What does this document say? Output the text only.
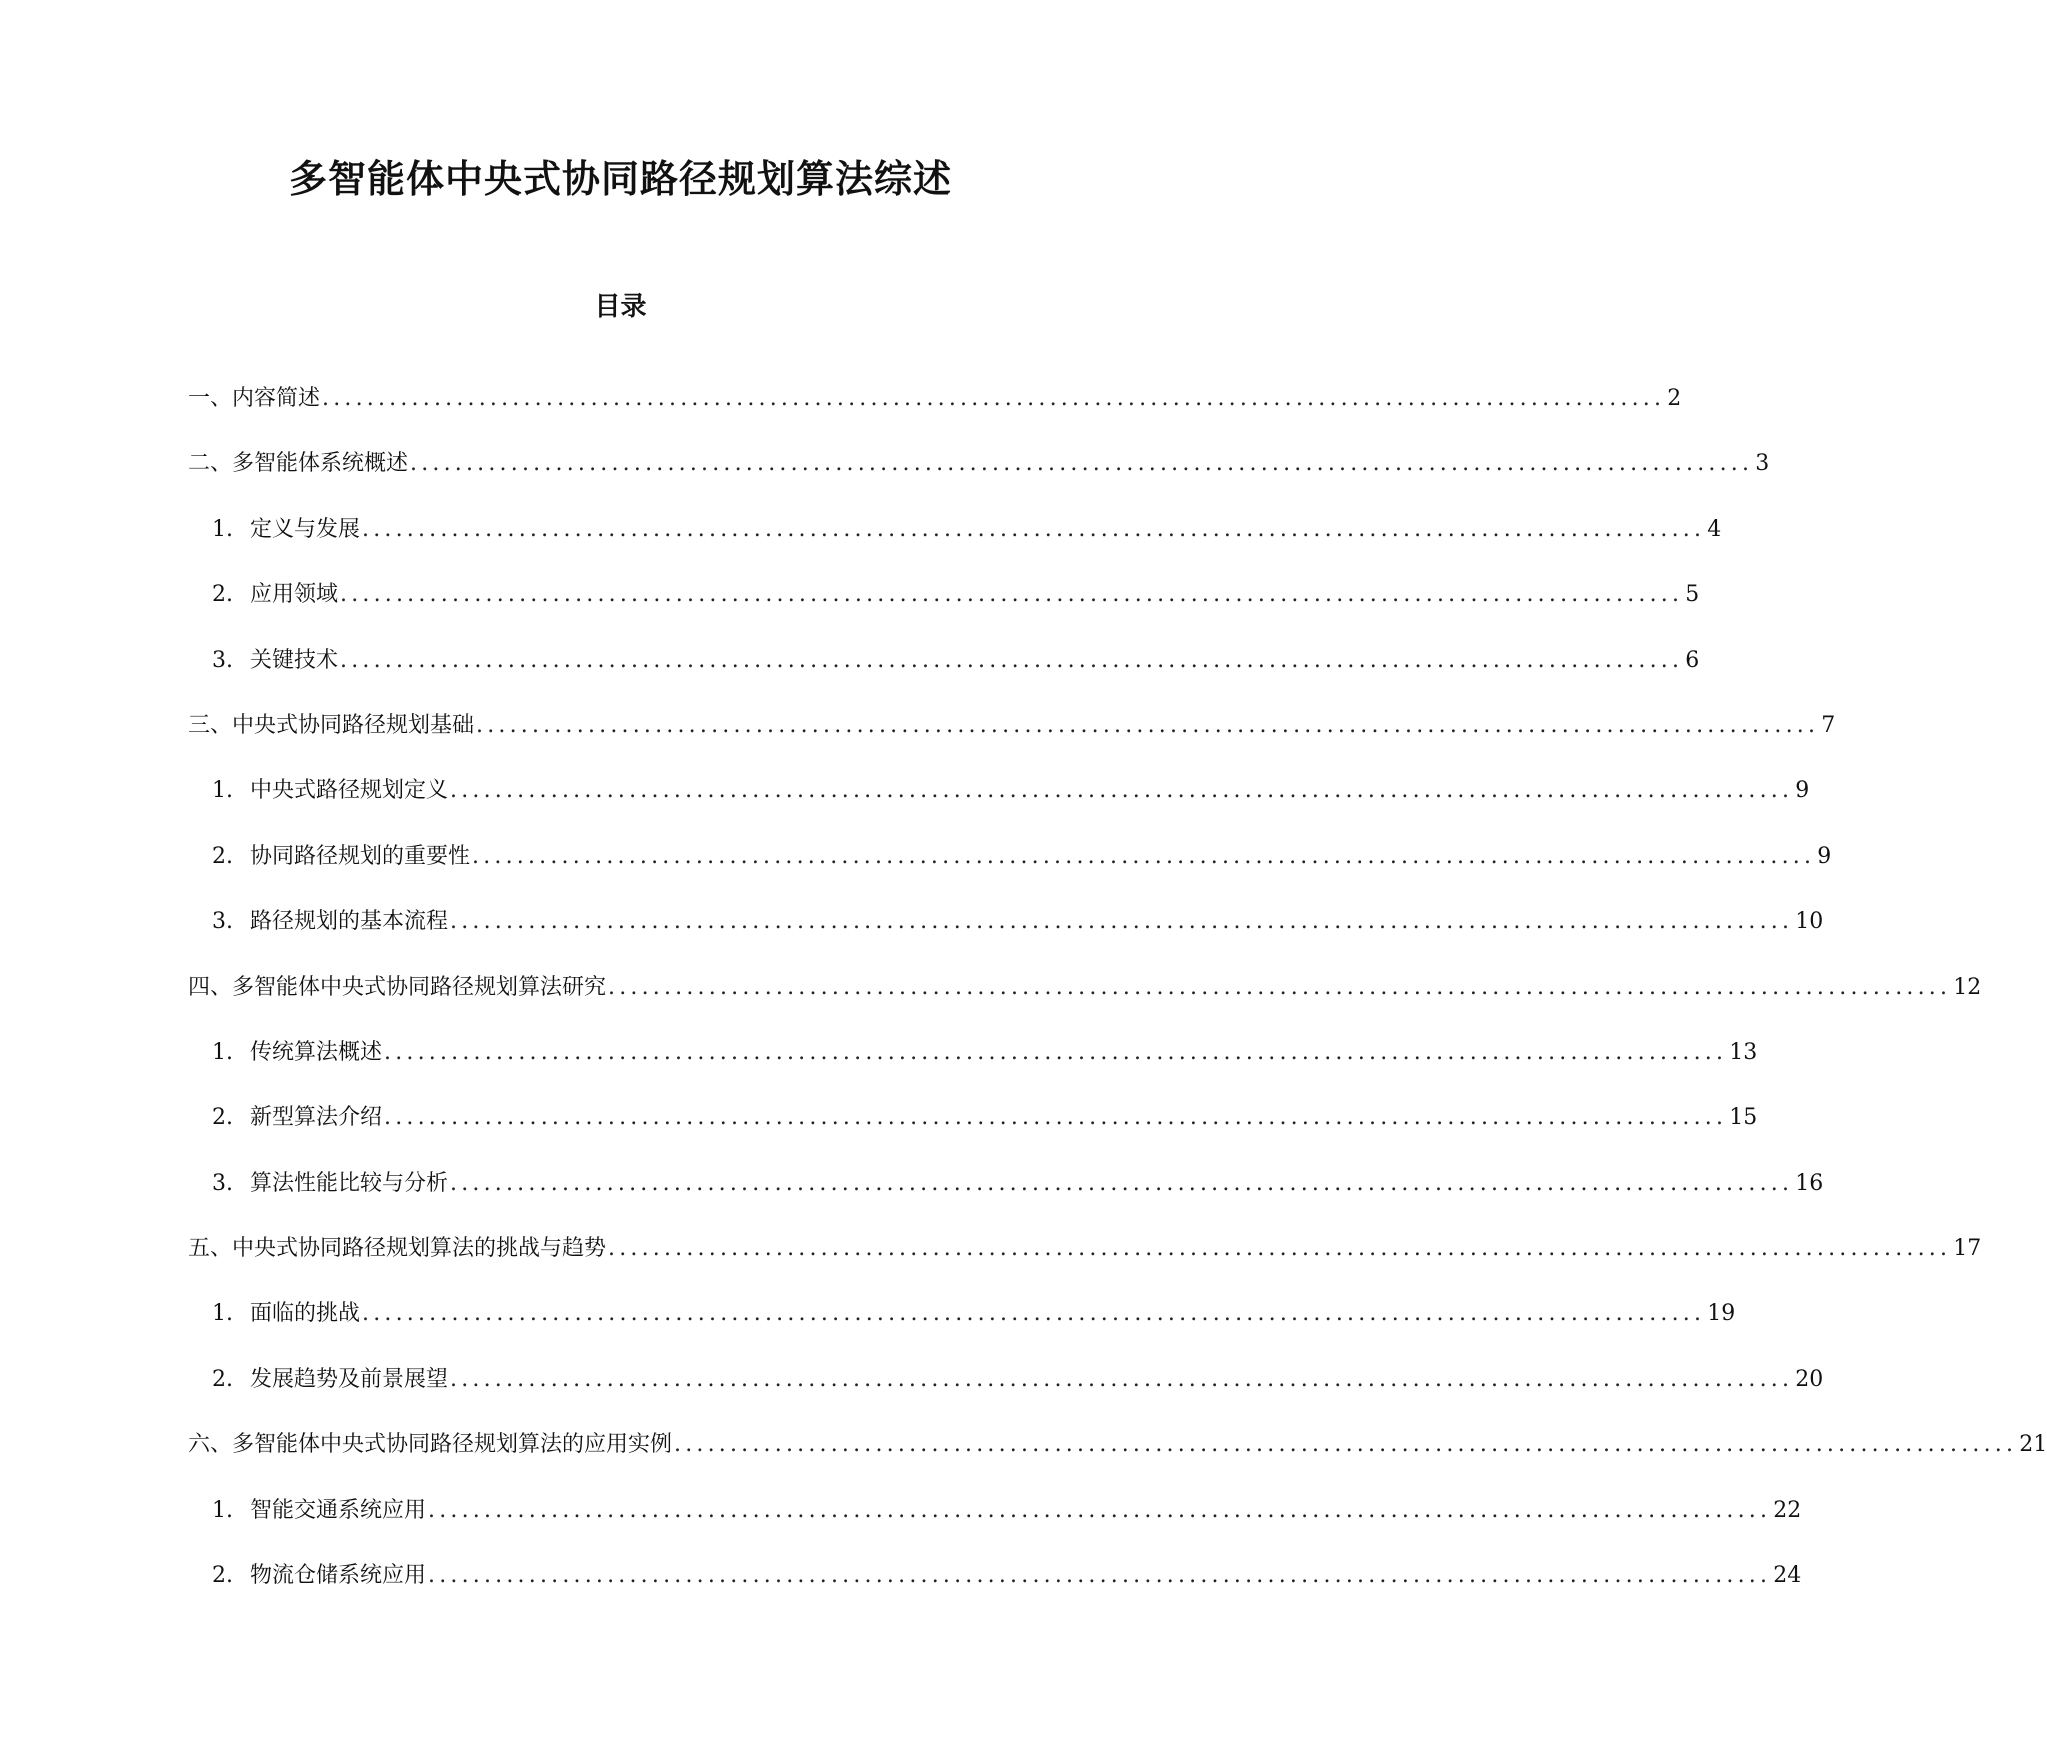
多智能体中央式协同路径规划算法综述
目录
一、内容简述 ........................................................................................................................ 2
二、多智能体系统概述 ........................................................................................................................ 3
1. 定义与发展 ........................................................................................................................ 4
2. 应用领域 ........................................................................................................................ 5
3. 关键技术 ........................................................................................................................ 6
三、中央式协同路径规划基础 ........................................................................................................................ 7
1. 中央式路径规划定义 ........................................................................................................................ 9
2. 协同路径规划的重要性 ........................................................................................................................ 9
3. 路径规划的基本流程 ........................................................................................................................ 10
四、多智能体中央式协同路径规划算法研究 ........................................................................................................................ 12
1. 传统算法概述 ........................................................................................................................ 13
2. 新型算法介绍 ........................................................................................................................ 15
3. 算法性能比较与分析 ........................................................................................................................ 16
五、中央式协同路径规划算法的挑战与趋势 ........................................................................................................................ 17
1. 面临的挑战 ........................................................................................................................ 19
2. 发展趋势及前景展望 ........................................................................................................................ 20
六、多智能体中央式协同路径规划算法的应用实例 ........................................................................................................................ 21
1. 智能交通系统应用 ........................................................................................................................ 22
2. 物流仓储系统应用 ........................................................................................................................ 24
